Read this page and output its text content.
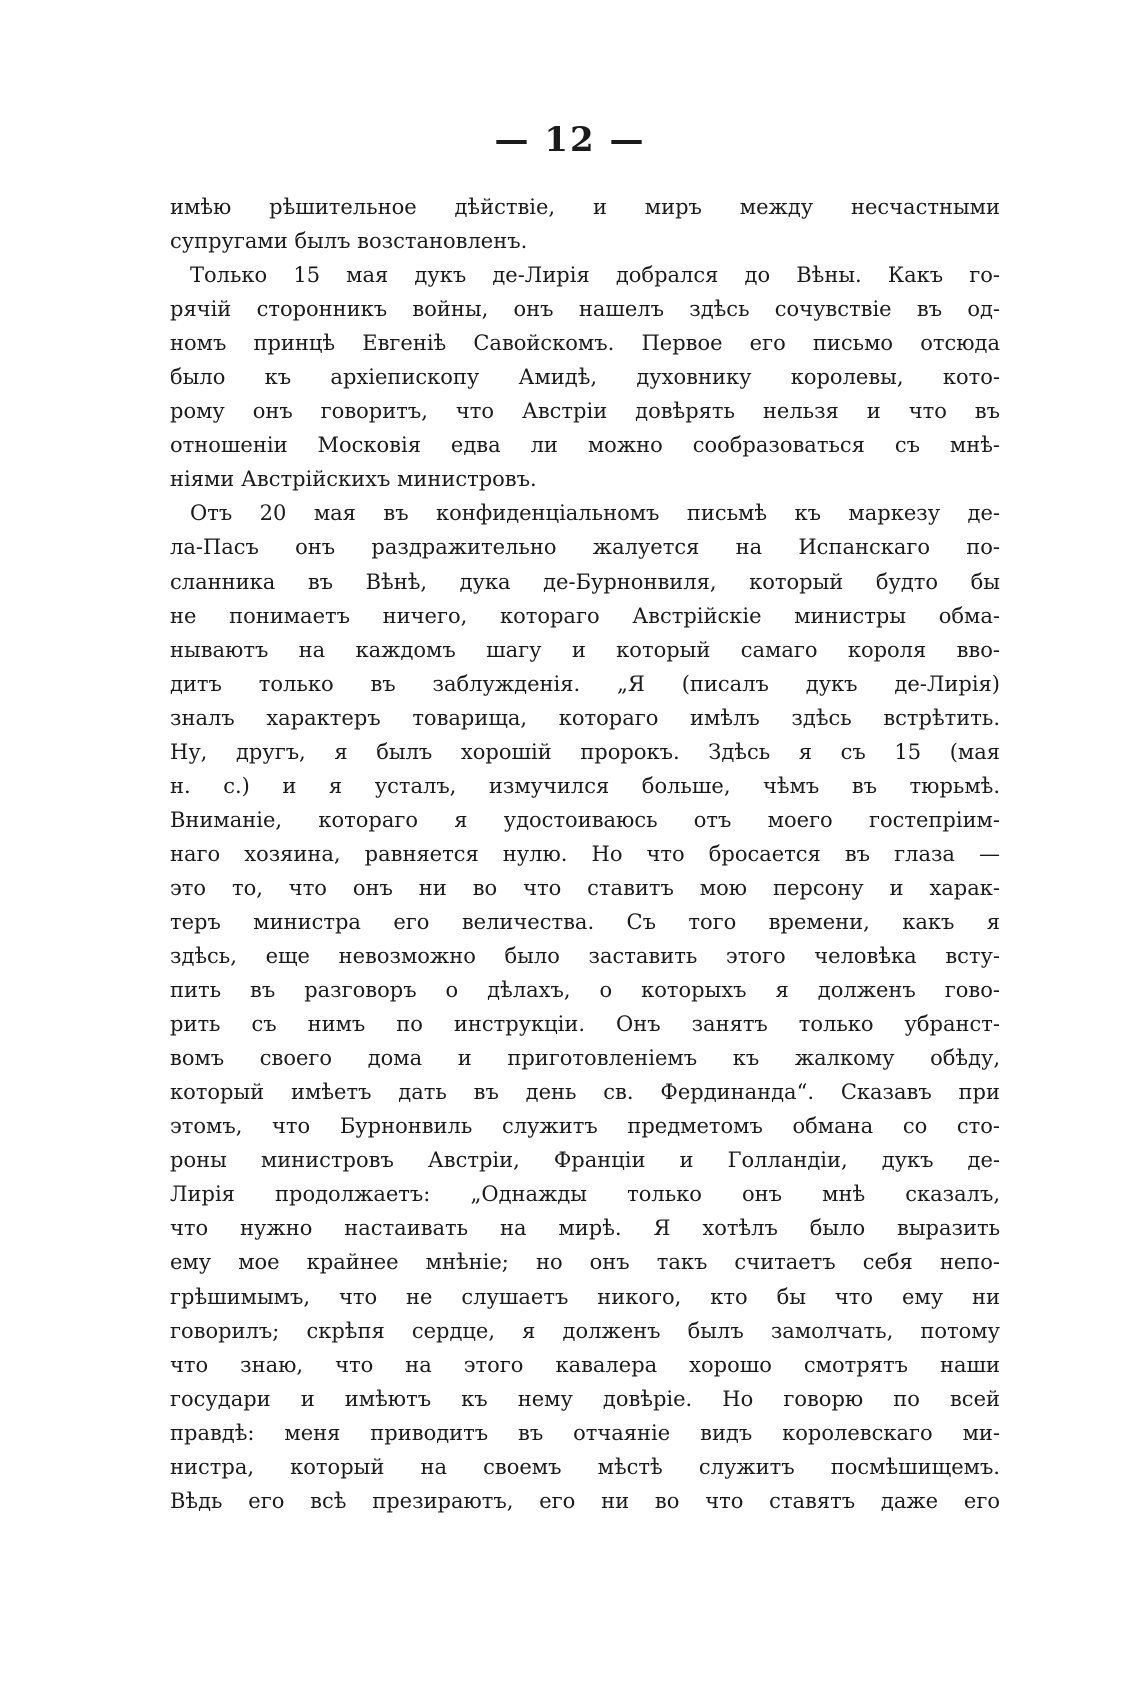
— 12 —
имѣю рѣшительное дѣйствіе, и миръ между несчастными
супругами былъ возстановленъ.
Только 15 мая дукъ де-Лирія добрался до Вѣны. Какъ го-
рячій сторонникъ войны, онъ нашелъ здѣсь сочувствіе въ од-
номъ принцѣ Евгеніѣ Савойскомъ. Первое его письмо отсюда
было къ архіепископу Амидѣ, духовнику королевы, кото-
рому онъ говоритъ, что Австріи довѣрять нельзя и что въ
отношеніи Московія едва ли можно сообразоваться съ мнѣ-
ніями Австрійскихъ министровъ.
Отъ 20 мая въ конфиденціальномъ письмѣ къ маркезу де-
ла-Пасъ онъ раздражительно жалуется на Испанскаго по-
сланника въ Вѣнѣ, дука де-Бурнонвиля, который будто бы
не понимаетъ ничего, котораго Австрійскіе министры обма-
нываютъ на каждомъ шагу и который самаго короля вво-
дитъ только въ заблужденія. „Я (писалъ дукъ де-Лирія)
зналъ характеръ товарища, котораго имѣлъ здѣсь встрѣтить.
Ну, другъ, я былъ хорошій пророкъ. Здѣсь я съ 15 (мая
н. с.) и я усталъ, измучился больше, чѣмъ въ тюрьмѣ.
Вниманіе, котораго я удостоиваюсь отъ моего гостепріим-
наго хозяина, равняется нулю. Но что бросается въ глаза —
это то, что онъ ни во что ставитъ мою персону и харак-
теръ министра его величества. Съ того времени, какъ я
здѣсь, еще невозможно было заставить этого человѣка всту-
пить въ разговоръ о дѣлахъ, о которыхъ я долженъ гово-
рить съ нимъ по инструкціи. Онъ занятъ только убранст-
вомъ своего дома и приготовленіемъ къ жалкому обѣду,
который имѣетъ дать въ день св. Фердинанда“. Сказавъ при
этомъ, что Бурнонвиль служитъ предметомъ обмана со сто-
роны министровъ Австріи, Франціи и Голландіи, дукъ де-
Лирія продолжаетъ: „Однажды только онъ мнѣ сказалъ,
что нужно настаивать на мирѣ. Я хотѣлъ было выразить
ему мое крайнее мнѣніе; но онъ такъ считаетъ себя непо-
грѣшимымъ, что не слушаетъ никого, кто бы что ему ни
говорилъ; скрѣпя сердце, я долженъ былъ замолчать, потому
что знаю, что на этого кавалера хорошо смотрятъ наши
государи и имѣютъ къ нему довѣріе. Но говорю по всей
правдѣ: меня приводитъ въ отчаяніе видъ королевскаго ми-
нистра, который на своемъ мѣстѣ служитъ посмѣшищемъ.
Вѣдь его всѣ презираютъ, его ни во что ставятъ даже его
